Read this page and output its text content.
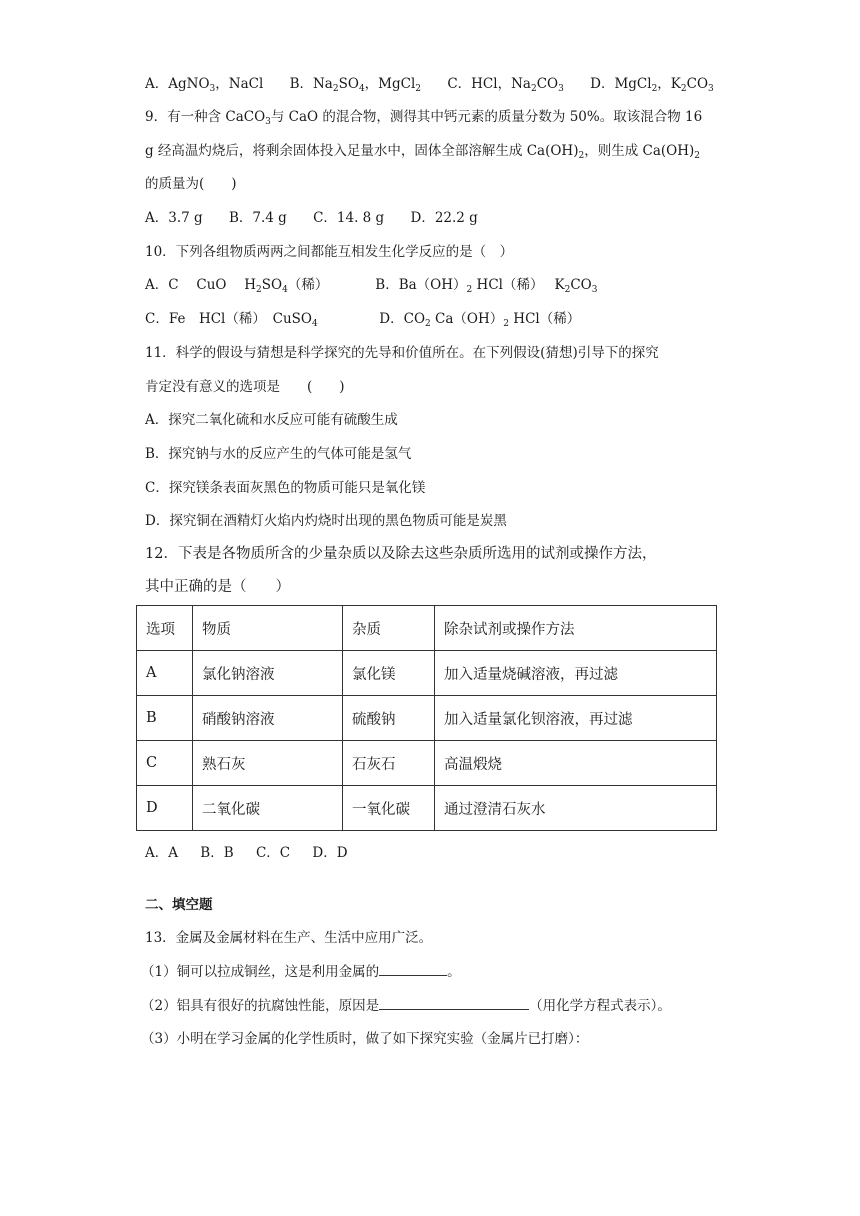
A．AgNO$_3$，NaCl B．$Na_2SO_4$，MgCl$_2$ C．HCl，$Na_2CO_3$ D．MgCl$_2$，$K_2CO_3$
9．有一种含 CaCO$_3$与 CaO 的混合物，测得其中钙元素的质量分数为 50%。取该混合物 16
g 经高温灼烧后，将剩余固体投入足量水中，固体全部溶解生成 $Ca(OH)_2$，则生成 $Ca(OH)_2$
的质量为(　　)
A．3.7 g B．7.4 g C．14. 8 g D．22.2 g
10．下列各组物质两两之间都能互相发生化学反应的是（　）
A．C　 CuO　 $H_2SO_4$（稀）	B．$Ba(OH)_2$ HCl（稀）　 $K_2CO_3$
C．Fe　HCl（稀）　CuSO$_4$	D．$CO_2$ $Ca(OH)_2$ HCl（稀）
11．科学的假设与猜想是科学探究的先导和价值所在。在下列假设(猜想)引导下的探究
肯定没有意义的选项是　　(　　)
A．探究二氧化硫和水反应可能有硫酸生成
B．探究钠与水的反应产生的气体可能是氢气
C．探究镁条表面灰黑色的物质可能只是氧化镁
D．探究铜在酒精灯火焰内灼烧时出现的黑色物质可能是炭黑
12．下表是各物质所含的少量杂质以及除去这些杂质所选用的试剂或操作方法，
其中正确的是（　　）
选项	物质	杂质	除杂试剂或操作方法
A	氯化钠溶液	氯化镁	加入适量烧碱溶液，再过滤
B	硝酸钠溶液	硫酸钠	加入适量氯化钡溶液，再过滤
C	熟石灰	石灰石	高温煅烧
D	二氧化碳	一氧化碳	通过澄清石灰水
A．A B．B C．C D．D
二、填空题
13．金属及金属材料在生产、生活中应用广泛。
（1）铜可以拉成铜丝，这是利用金属的	。
（2）铝具有很好的抗腐蚀性能，原因是	（用化学方程式表示）。
（3）小明在学习金属的化学性质时，做了如下探究实验（金属片已打磨）：
